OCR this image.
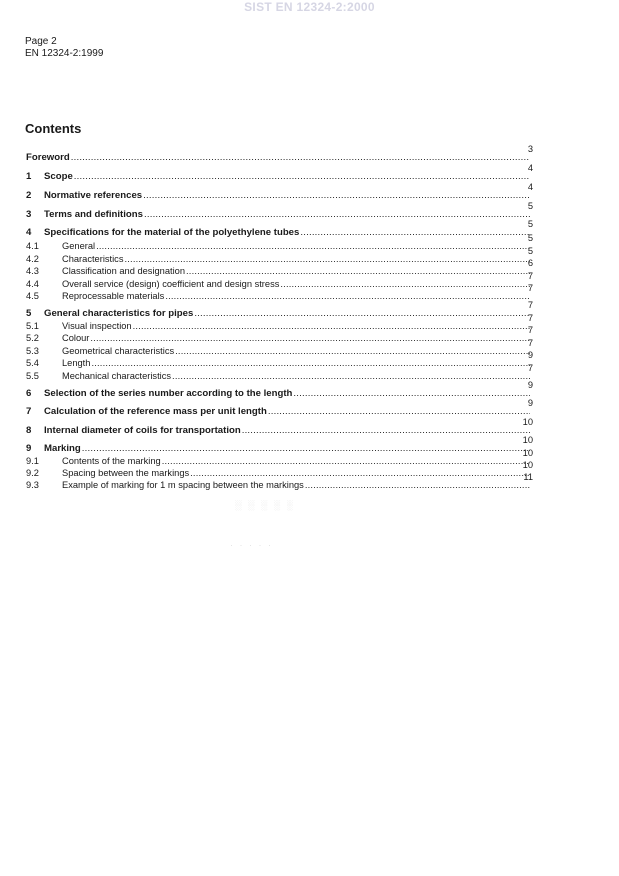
SIST EN 12324-2:2000
Page 2
EN 12324-2:1999
Contents
Foreword
.....
3
1 Scope
.....
4
2 Normative references
.....
4
3 Terms and definitions
.....
5
4 Specifications for the material of the polyethylene tubes
.....
5
4.1 General
.....
5
4.2 Characteristics
.....
5
4.3 Classification and designation
.....
6
4.4 Overall service (design) coefficient and design stress
.....
7
4.5 Reprocessable materials
.....
7
5 General characteristics for pipes
.....
7
5.1 Visual inspection
.....
7
5.2 Colour
.....
7
5.3 Geometrical characteristics
.....
7
5.4 Length
.....
9
5.5 Mechanical characteristics
.....
7
6 Selection of the series number according to the length
.....
9
7 Calculation of the reference mass per unit length
.....
9
8 Internal diameter of coils for transportation
.....
10
9 Marking
.....
10
9.1 Contents of the marking
.....
10
9.2 Spacing between the markings
.....
10
9.3 Example of marking for 1 m spacing between the markings
.....
11
░ ░ ░ ░ ░
· · · · ·
